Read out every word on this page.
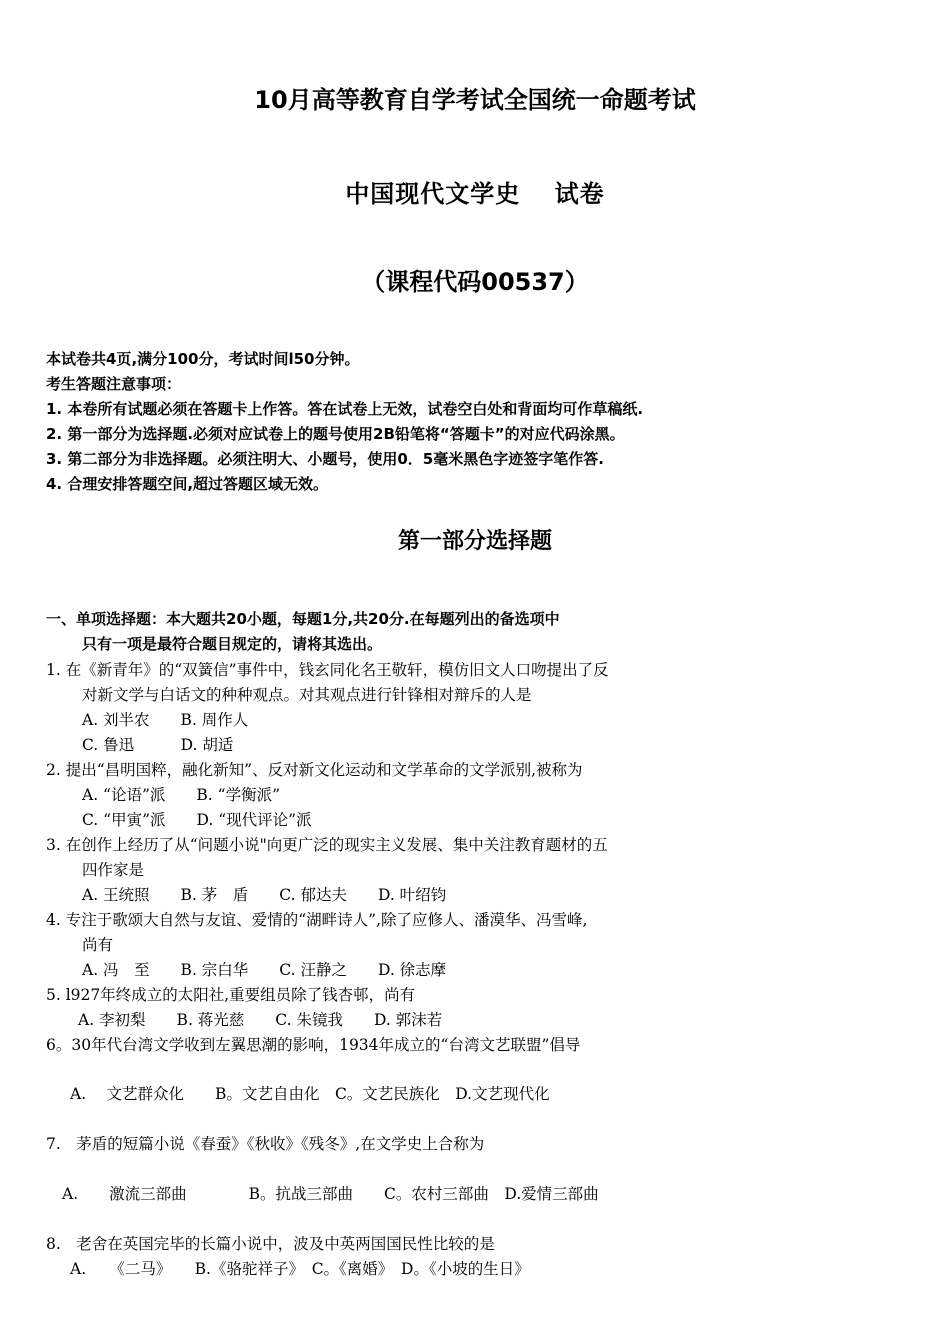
10月高等教育自学考试全国统一命题考试
中国现代文学史　 试卷
（课程代码00537）
本试卷共4页,满分100分，考试时间l50分钟。
考生答题注意事项：
1. 本卷所有试题必须在答题卡上作答。答在试卷上无效，试卷空白处和背面均可作草稿纸.
2. 第一部分为选择题.必须对应试卷上的题号使用2B铅笔将“答题卡”的对应代码涂黑。
3. 第二部分为非选择题。必须注明大、小题号，使用0．5毫米黑色字迹签字笔作答.
4. 合理安排答题空间,超过答题区域无效。
第一部分选择题
一、单项选择题：本大题共20小题，每题1分,共20分.在每题列出的备选项中
只有一项是最符合题目规定的，请将其选出。
1. 在《新青年》的“双簧信”事件中，钱玄同化名王敬轩，模仿旧文人口吻提出了反
对新文学与白话文的种种观点。对其观点进行针锋相对辩斥的人是
A. 刘半农　　B. 周作人
C. 鲁迅　　　D. 胡适
2. 提出“昌明国粹，融化新知”、反对新文化运动和文学革命的文学派别,被称为
A. “论语”派　　B. “学衡派”
C. “甲寅”派　　D. “现代评论”派
3. 在创作上经历了从“问题小说"向更广泛的现实主义发展、集中关注教育题材的五
四作家是
A. 王统照　　B. 茅　盾　　C. 郁达夫　　D. 叶绍钧
4. 专注于歌颂大自然与友谊、爱情的“湖畔诗人”,除了应修人、潘漠华、冯雪峰,
尚有
A. 冯　至　　B. 宗白华　　C. 汪静之　　D. 徐志摩
5. l927年终成立的太阳社,重要组员除了钱杏邨，尚有
A. 李初梨　　B. 蒋光慈　　C. 朱镜我　　D. 郭沫若
6。30年代台湾文学收到左翼思潮的影响，1934年成立的“台湾文艺联盟”倡导
A.　 文艺群众化　　B。文艺自由化　C。文艺民族化　D.文艺现代化
7.　茅盾的短篇小说《春蚕》《秋收》《残冬》,在文学史上合称为
A.　　激流三部曲　　　　B。抗战三部曲　　C。农村三部曲　D.爱情三部曲
8.　老舍在英国完毕的长篇小说中，波及中英两国国民性比较的是
A.　　《二马》　　B.《骆驼祥子》　C。《离婚》　D。《小坡的生日》
